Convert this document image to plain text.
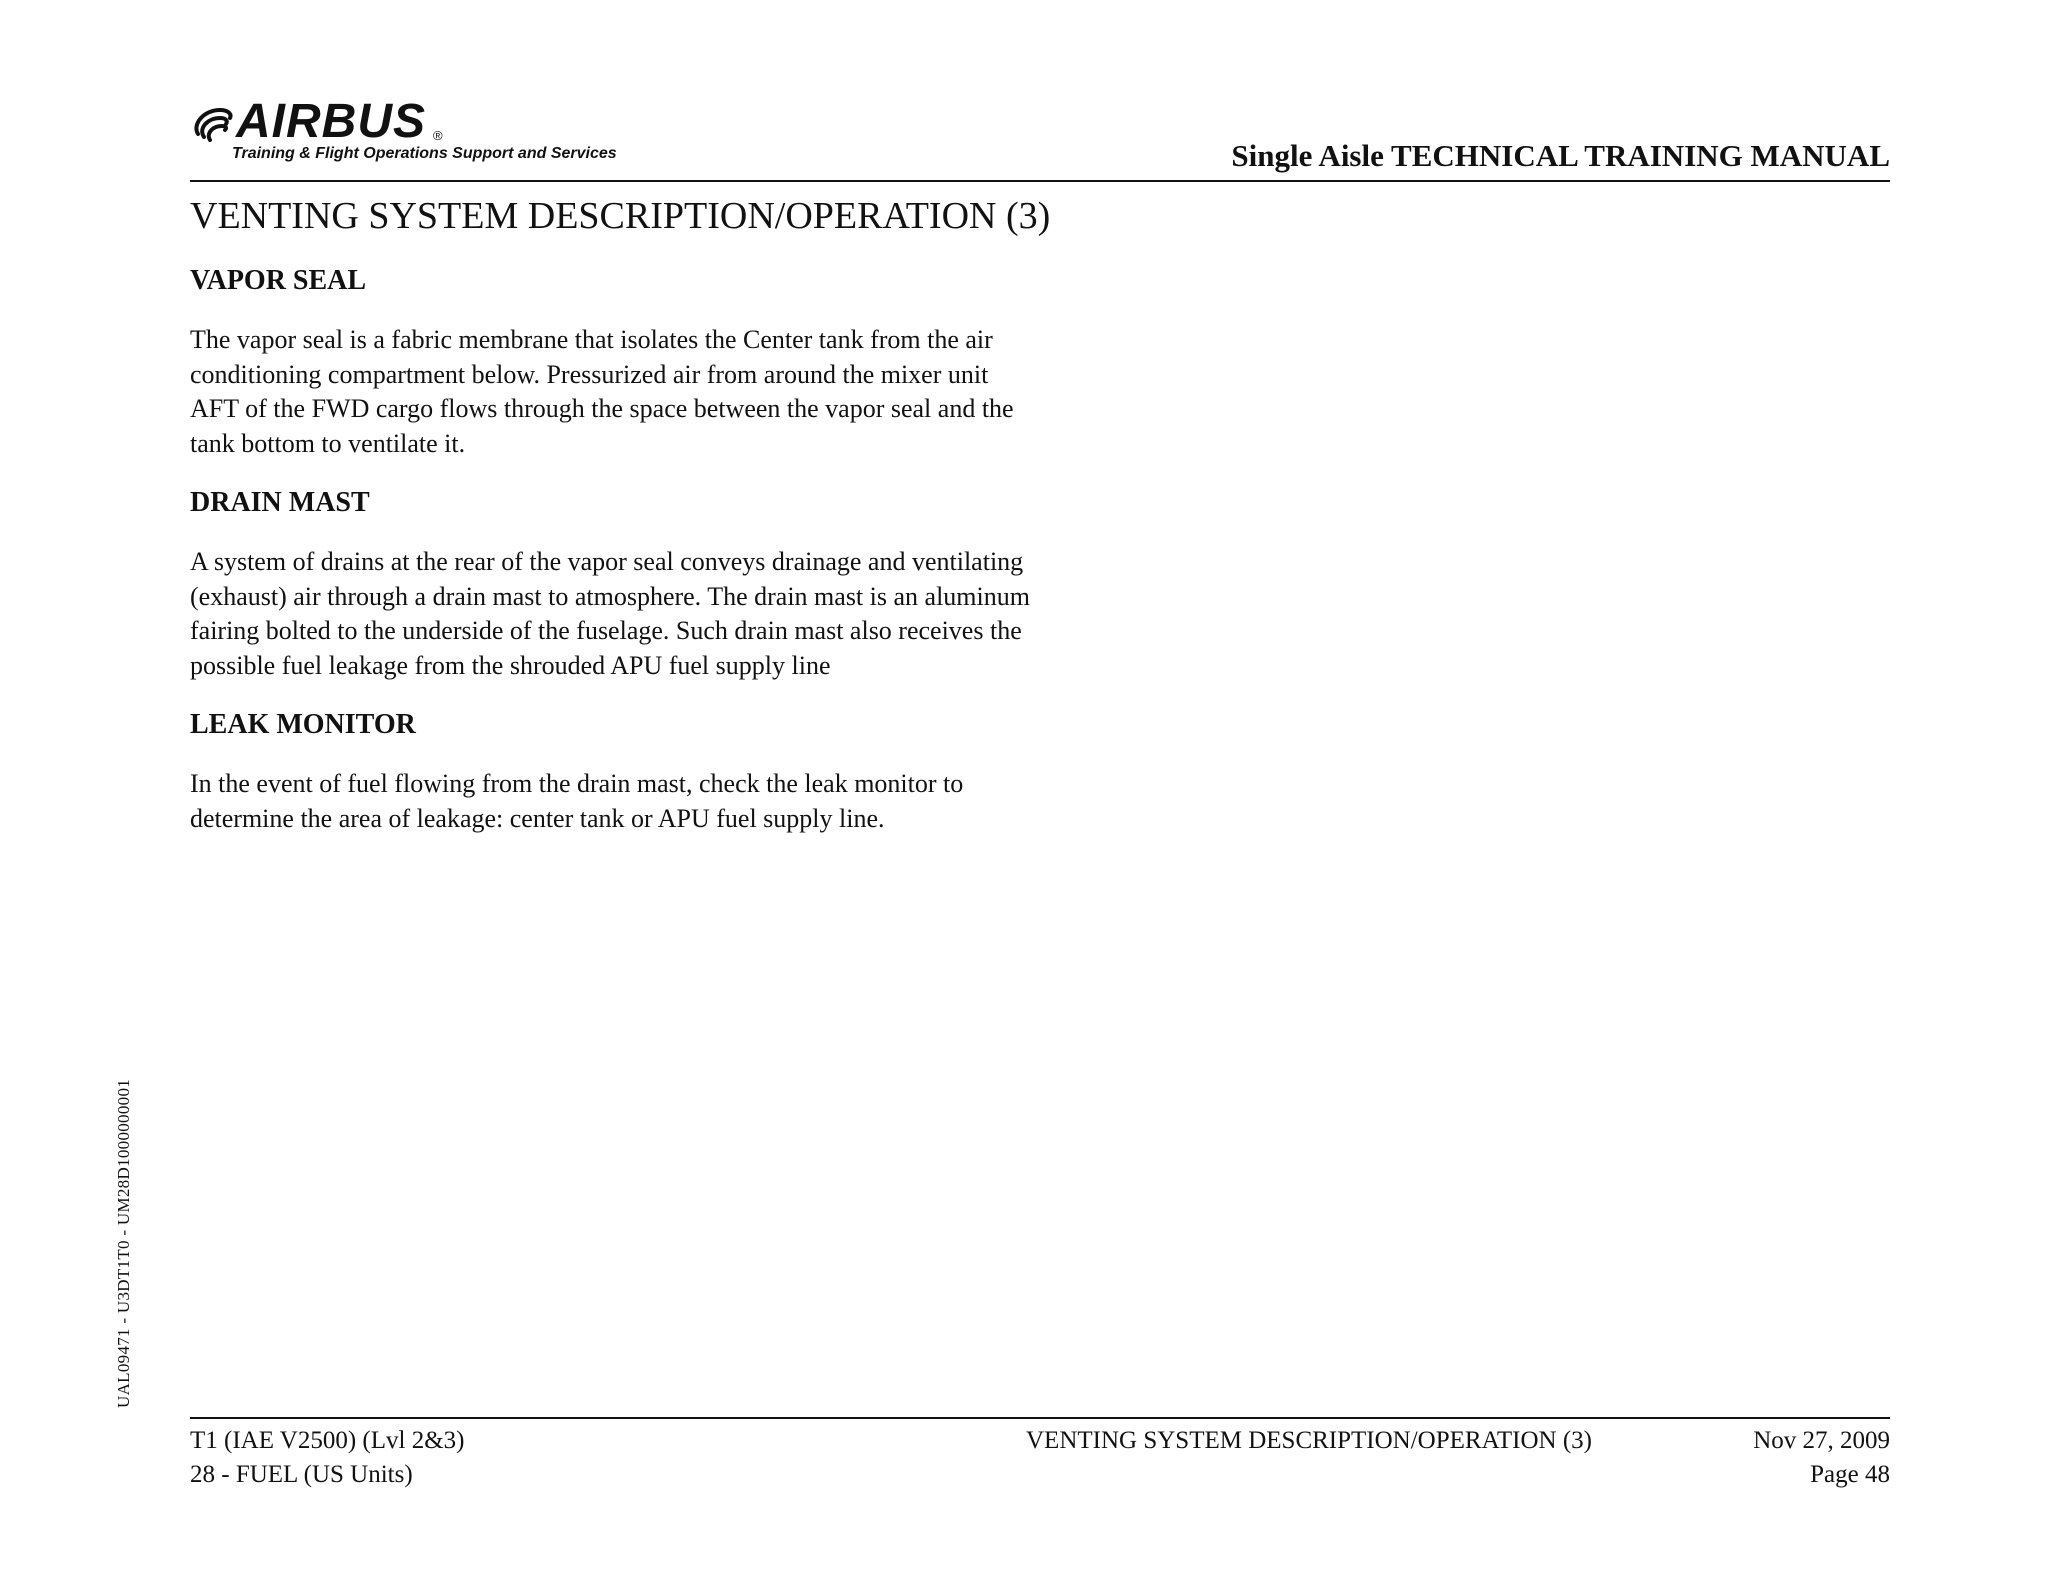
AIRBUS ®
Training & Flight Operations Support and Services	Single Aisle TECHNICAL TRAINING MANUAL
VENTING SYSTEM DESCRIPTION/OPERATION (3)
VAPOR SEAL

The vapor seal is a fabric membrane that isolates the Center tank from the air conditioning compartment below. Pressurized air from around the mixer unit AFT of the FWD cargo flows through the space between the vapor seal and the tank bottom to ventilate it.

DRAIN MAST

A system of drains at the rear of the vapor seal conveys drainage and ventilating (exhaust) air through a drain mast to atmosphere. The drain mast is an aluminum fairing bolted to the underside of the fuselage. Such drain mast also receives the possible fuel leakage from the shrouded APU fuel supply line

LEAK MONITOR

In the event of fuel flowing from the drain mast, check the leak monitor to determine the area of leakage: center tank or APU fuel supply line.

UAL09471 - U3DT1T0 - UM28D1000000001
T1 (IAE V2500) (Lvl 2&3)
28 - FUEL (US Units)
VENTING SYSTEM DESCRIPTION/OPERATION (3)	Nov 27, 2009
Page 48
